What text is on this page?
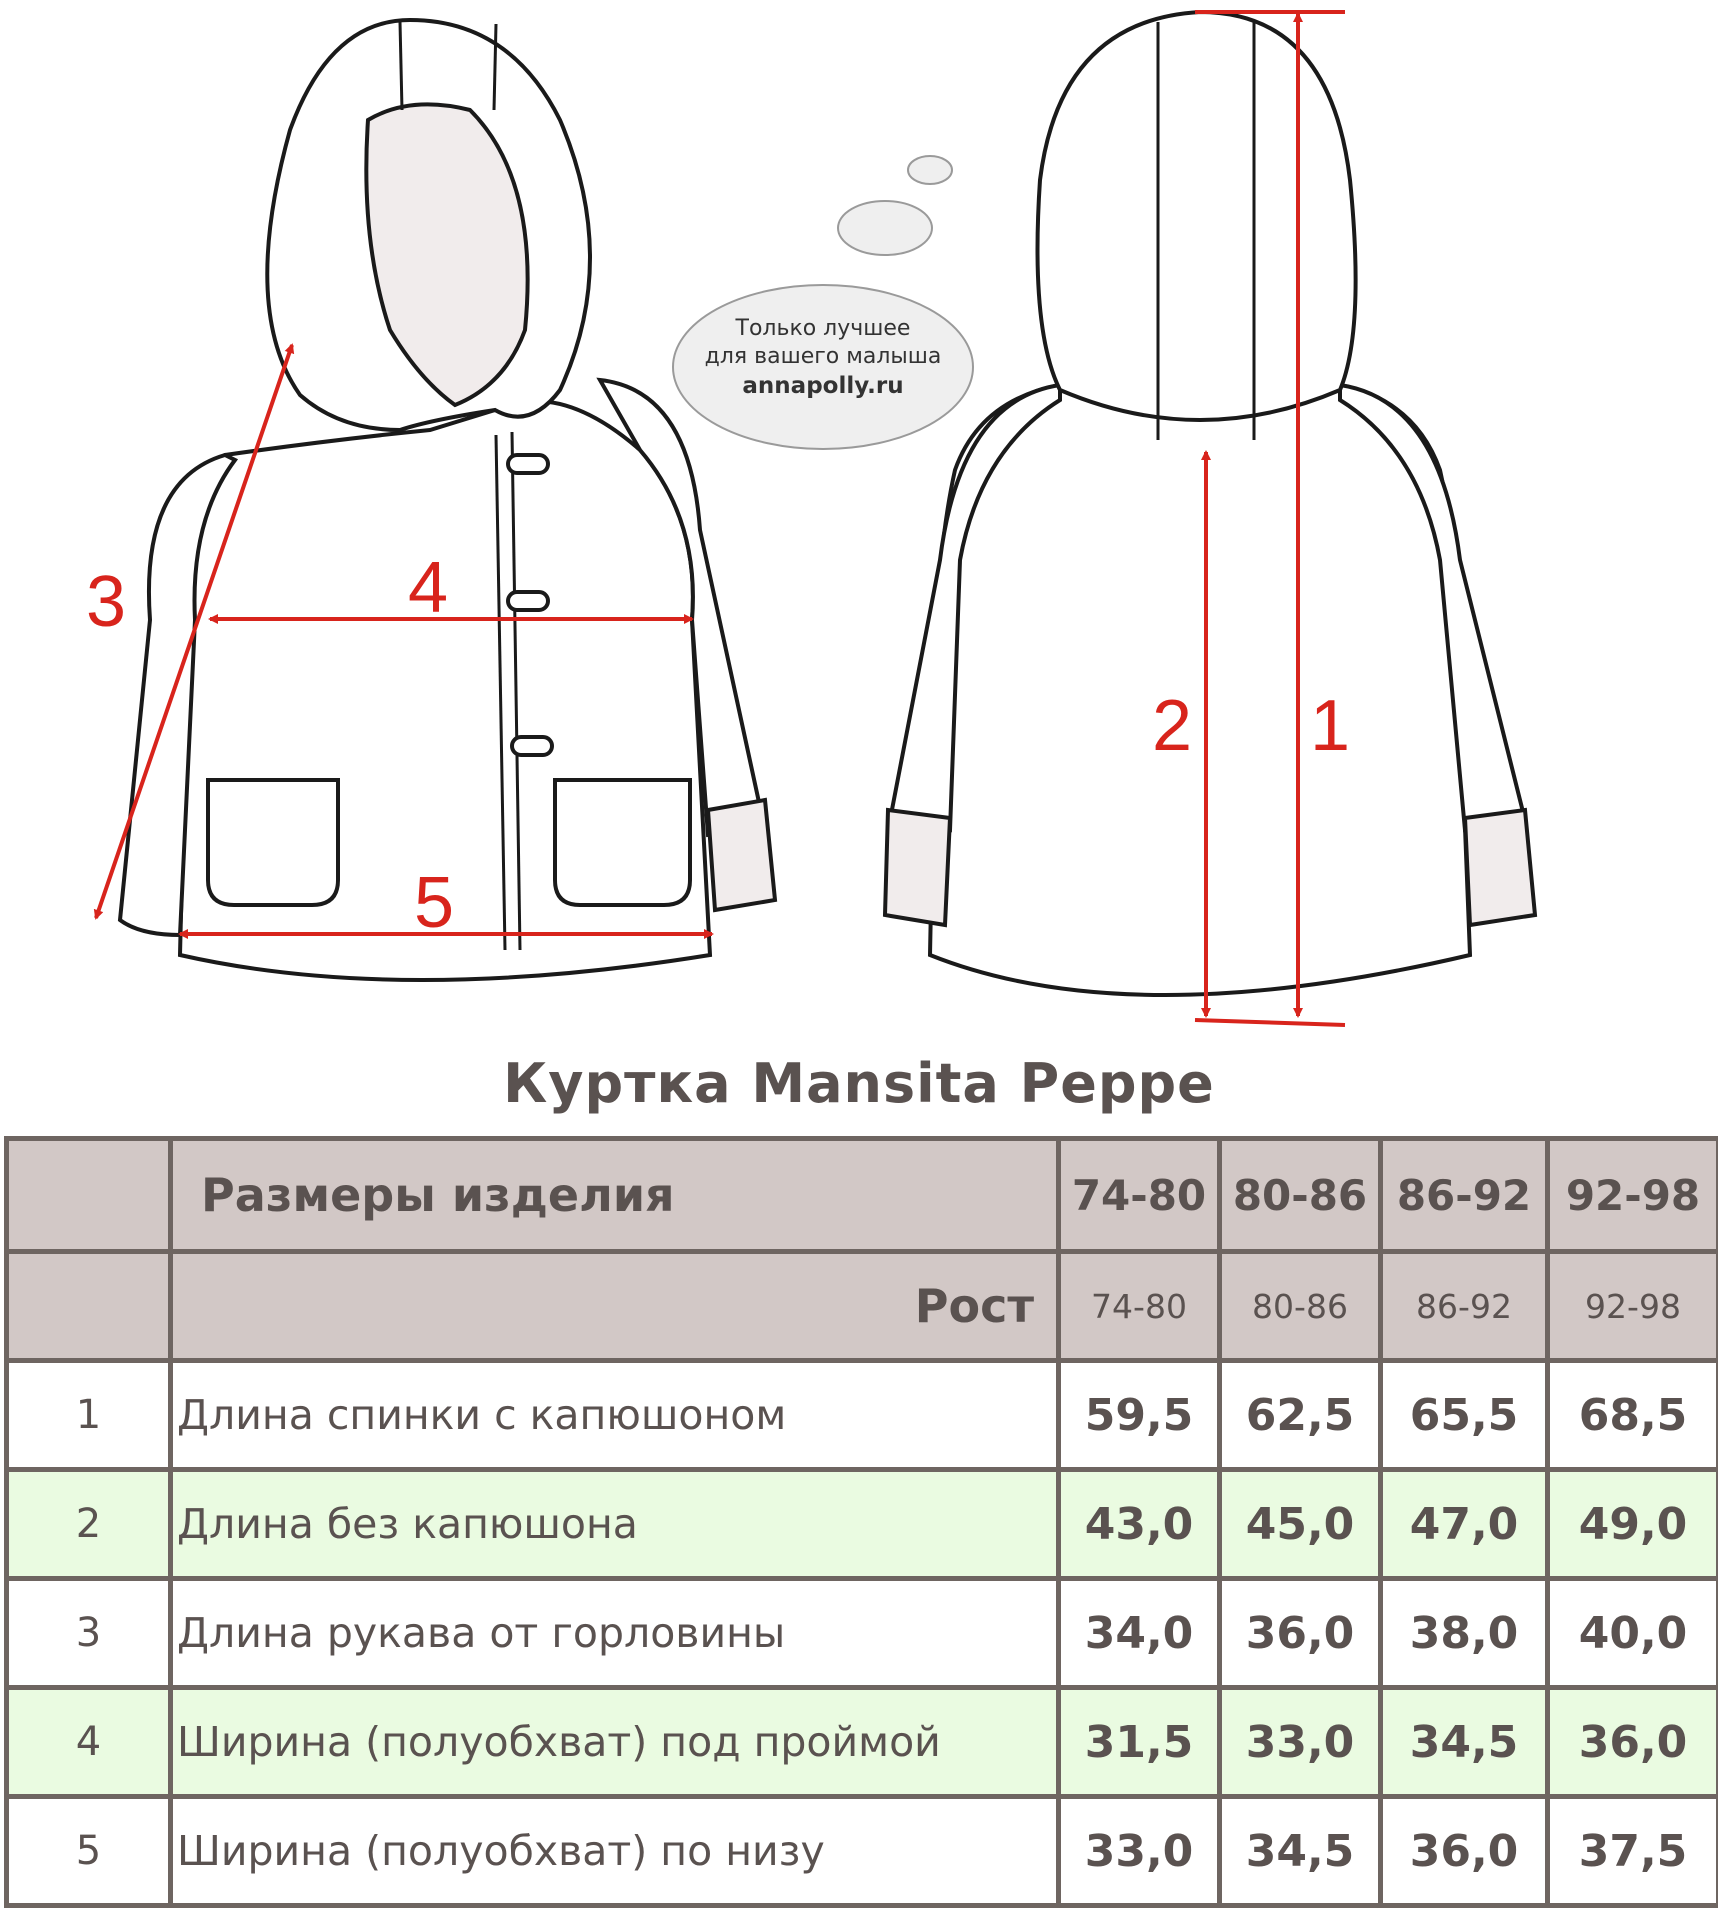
3	4
5
2 1
Только лучшее
для вашего малыша
annapolly.ru
Куртка Mansita Peppe
	Размеры изделия	74-80	80-86	86-92	92-98
	Рост	74-80	80-86	86-92	92-98
1	Длина спинки с капюшоном	59,5	62,5	65,5	68,5
2	Длина без капюшона	43,0	45,0	47,0	49,0
3	Длина рукава от горловины	34,0	36,0	38,0	40,0
4	Ширина (полуобхват) под проймой	31,5	33,0	34,5	36,0
5	Ширина (полуобхват) по низу	33,0	34,5	36,0	37,5
